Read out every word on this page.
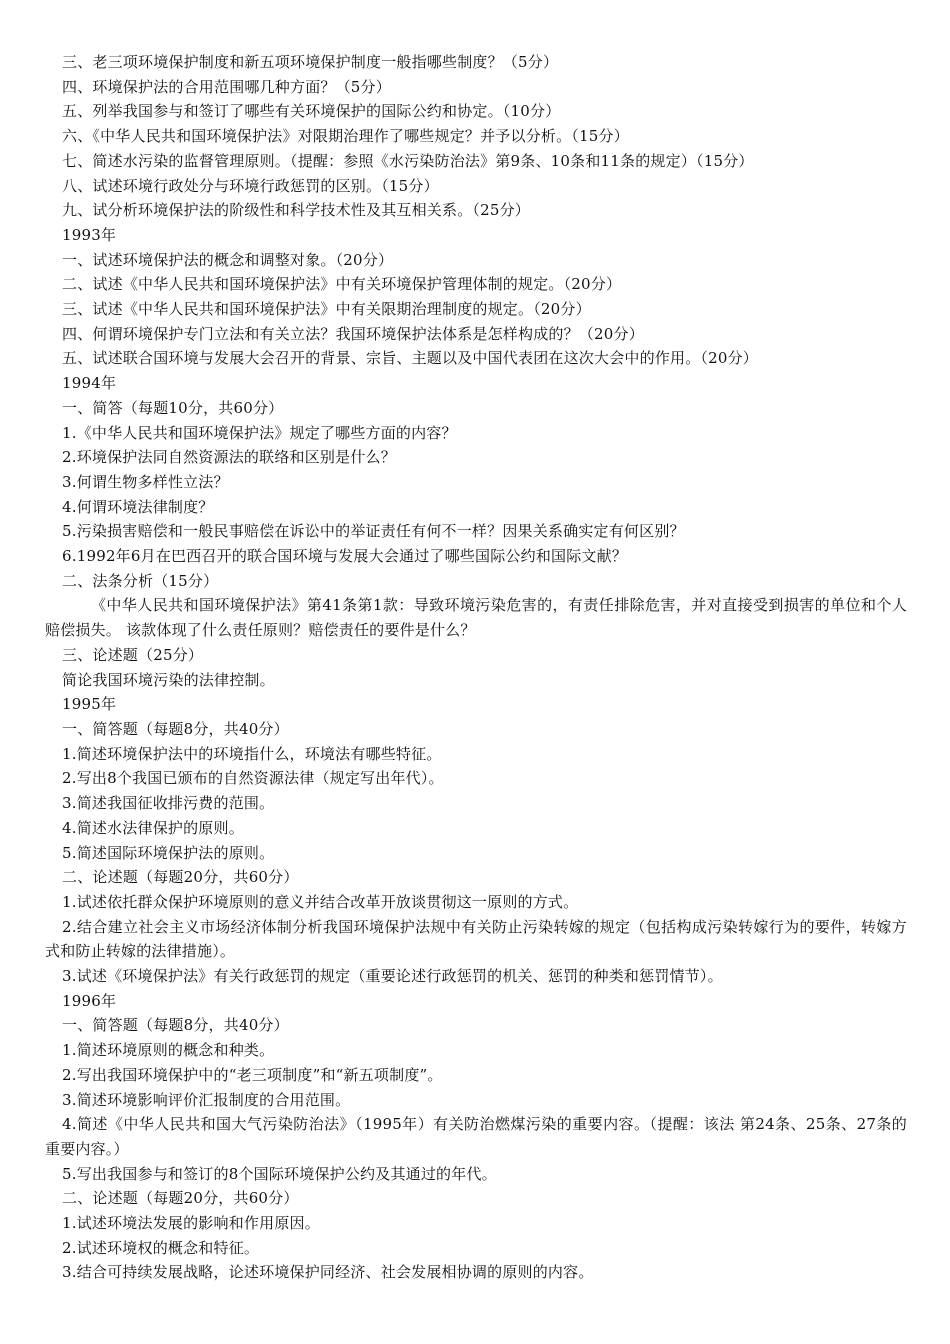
三、老三项环境保护制度和新五项环境保护制度一般指哪些制度？（5分）

四、环境保护法的合用范围哪几种方面？（5分）

五、列举我国参与和签订了哪些有关环境保护的国际公约和协定。（10分）

六、《中华人民共和国环境保护法》对限期治理作了哪些规定？并予以分析。（15分）

七、简述水污染的监督管理原则。（提醒：参照《水污染防治法》第9条、10条和11条的规定）（15分）

八、试述环境行政处分与环境行政惩罚的区别。（15分）

九、试分析环境保护法的阶级性和科学技术性及其互相关系。（25分）

1993年

一、试述环境保护法的概念和调整对象。（20分）

二、试述《中华人民共和国环境保护法》中有关环境保护管理体制的规定。（20分）

三、试述《中华人民共和国环境保护法》中有关限期治理制度的规定。（20分）

四、何谓环境保护专门立法和有关立法？我国环境保护法体系是怎样构成的？（20分）

五、试述联合国环境与发展大会召开的背景、宗旨、主题以及中国代表团在这次大会中的作用。（20分）

1994年

一、简答（每题10分，共60分）

1.《中华人民共和国环境保护法》规定了哪些方面的内容？

2.环境保护法同自然资源法的联络和区别是什么？

3.何谓生物多样性立法？

4.何谓环境法律制度？

5.污染损害赔偿和一般民事赔偿在诉讼中的举证责任有何不一样？因果关系确实定有何区别？

6.1992年6月在巴西召开的联合国环境与发展大会通过了哪些国际公约和国际文献？

二、法条分析（15分）

《中华人民共和国环境保护法》第41条第1款：导致环境污染危害的，有责任排除危害，并对直接受到损害的单位和个人赔偿损失。 该款体现了什么责任原则？赔偿责任的要件是什么？

三、论述题（25分）

简论我国环境污染的法律控制。

1995年

一、简答题（每题8分，共40分）

1.简述环境保护法中的环境指什么，环境法有哪些特征。

2.写出8个我国已颁布的自然资源法律（规定写出年代）。

3.简述我国征收排污费的范围。

4.简述水法律保护的原则。

5.简述国际环境保护法的原则。

二、论述题（每题20分，共60分）

1.试述依托群众保护环境原则的意义并结合改革开放谈贯彻这一原则的方式。

2.结合建立社会主义市场经济体制分析我国环境保护法规中有关防止污染转嫁的规定（包括构成污染转嫁行为的要件，转嫁方式和防止转嫁的法律措施）。

3.试述《环境保护法》有关行政惩罚的规定（重要论述行政惩罚的机关、惩罚的种类和惩罚情节）。

1996年

一、简答题（每题8分，共40分）

1.简述环境原则的概念和种类。

2.写出我国环境保护中的“老三项制度”和“新五项制度”。

3.简述环境影响评价汇报制度的合用范围。

4.简述《中华人民共和国大气污染防治法》（1995年）有关防治燃煤污染的重要内容。（提醒：该法 第24条、25条、27条的重要内容。）

5.写出我国参与和签订的8个国际环境保护公约及其通过的年代。

二、论述题（每题20分，共60分）

1.试述环境法发展的影响和作用原因。

2.试述环境权的概念和特征。

3.结合可持续发展战略，论述环境保护同经济、社会发展相协调的原则的内容。
